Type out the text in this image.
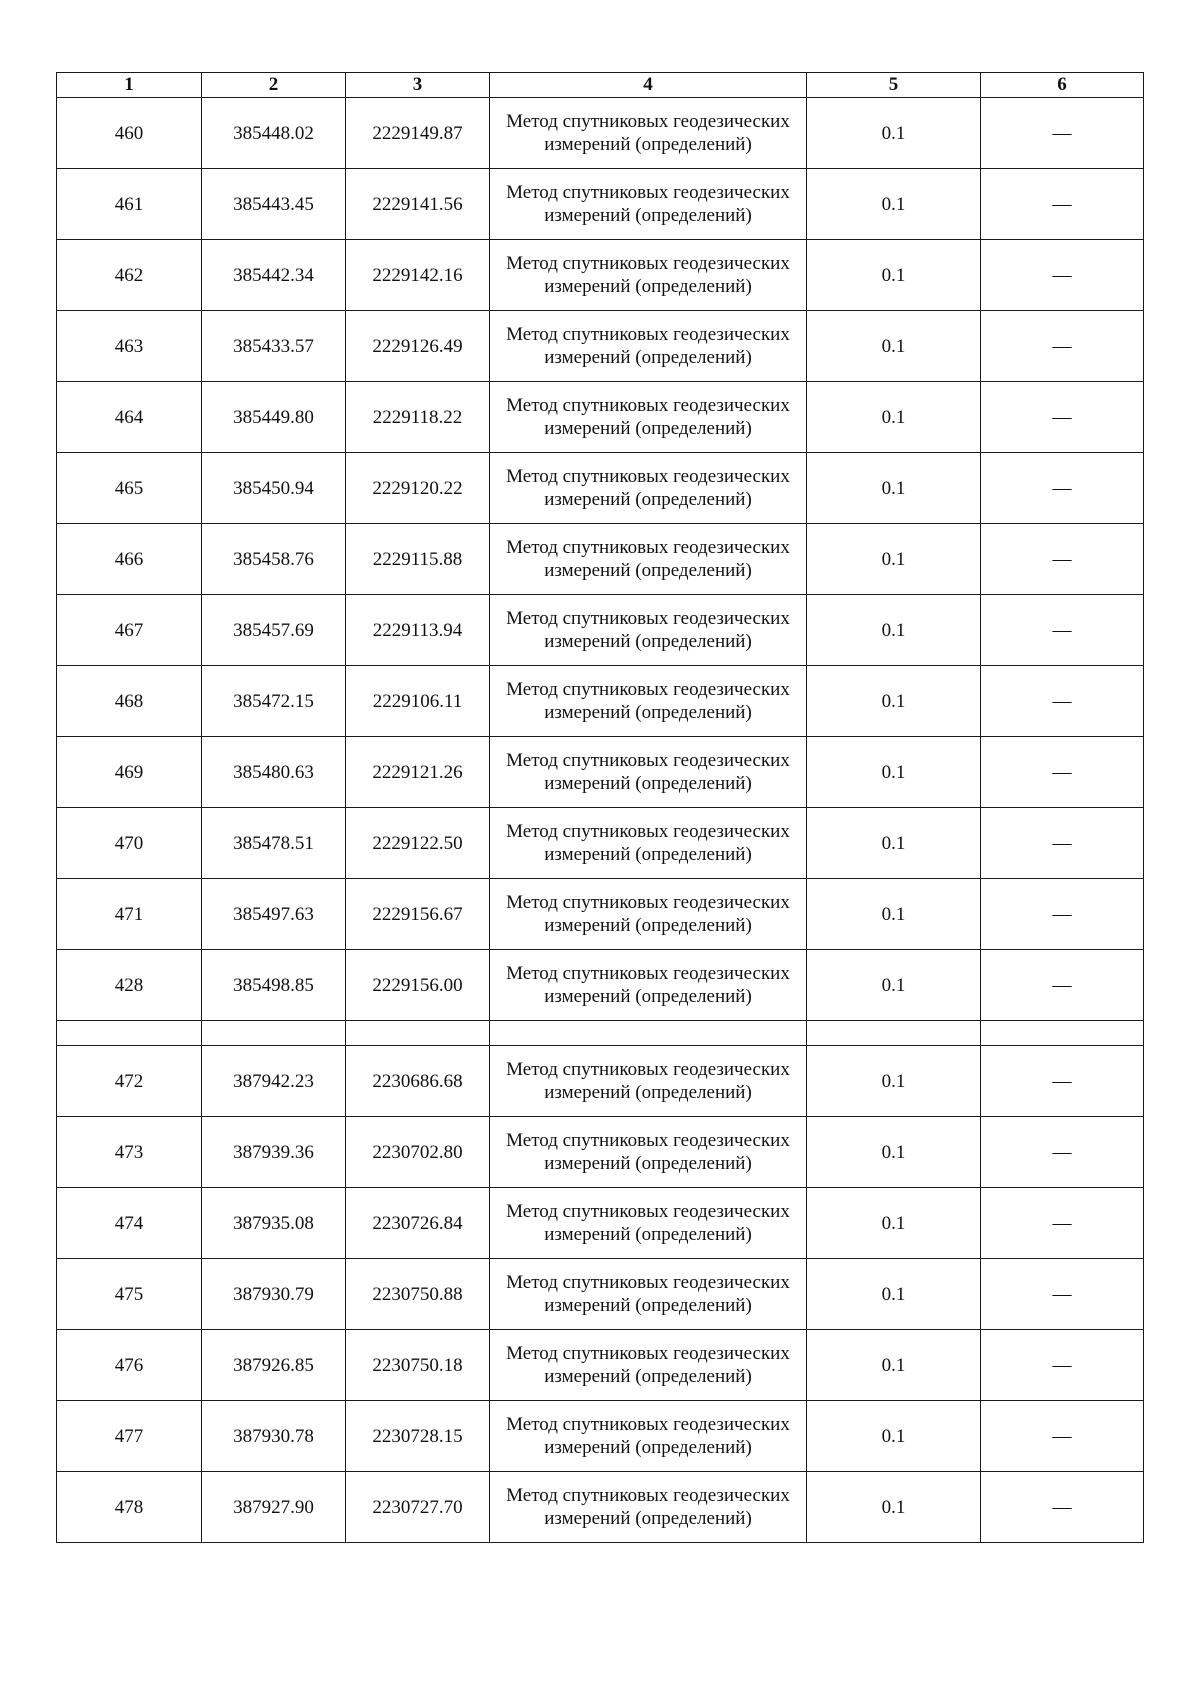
1	2	3	4	5	6
460	385448.02	2229149.87	Метод спутниковых геодезических измерений (определений)	0.1	—
461	385443.45	2229141.56	Метод спутниковых геодезических измерений (определений)	0.1	—
462	385442.34	2229142.16	Метод спутниковых геодезических измерений (определений)	0.1	—
463	385433.57	2229126.49	Метод спутниковых геодезических измерений (определений)	0.1	—
464	385449.80	2229118.22	Метод спутниковых геодезических измерений (определений)	0.1	—
465	385450.94	2229120.22	Метод спутниковых геодезических измерений (определений)	0.1	—
466	385458.76	2229115.88	Метод спутниковых геодезических измерений (определений)	0.1	—
467	385457.69	2229113.94	Метод спутниковых геодезических измерений (определений)	0.1	—
468	385472.15	2229106.11	Метод спутниковых геодезических измерений (определений)	0.1	—
469	385480.63	2229121.26	Метод спутниковых геодезических измерений (определений)	0.1	—
470	385478.51	2229122.50	Метод спутниковых геодезических измерений (определений)	0.1	—
471	385497.63	2229156.67	Метод спутниковых геодезических измерений (определений)	0.1	—
428	385498.85	2229156.00	Метод спутниковых геодезических измерений (определений)	0.1	—

472	387942.23	2230686.68	Метод спутниковых геодезических измерений (определений)	0.1	—
473	387939.36	2230702.80	Метод спутниковых геодезических измерений (определений)	0.1	—
474	387935.08	2230726.84	Метод спутниковых геодезических измерений (определений)	0.1	—
475	387930.79	2230750.88	Метод спутниковых геодезических измерений (определений)	0.1	—
476	387926.85	2230750.18	Метод спутниковых геодезических измерений (определений)	0.1	—
477	387930.78	2230728.15	Метод спутниковых геодезических измерений (определений)	0.1	—
478	387927.90	2230727.70	Метод спутниковых геодезических измерений (определений)	0.1	—
